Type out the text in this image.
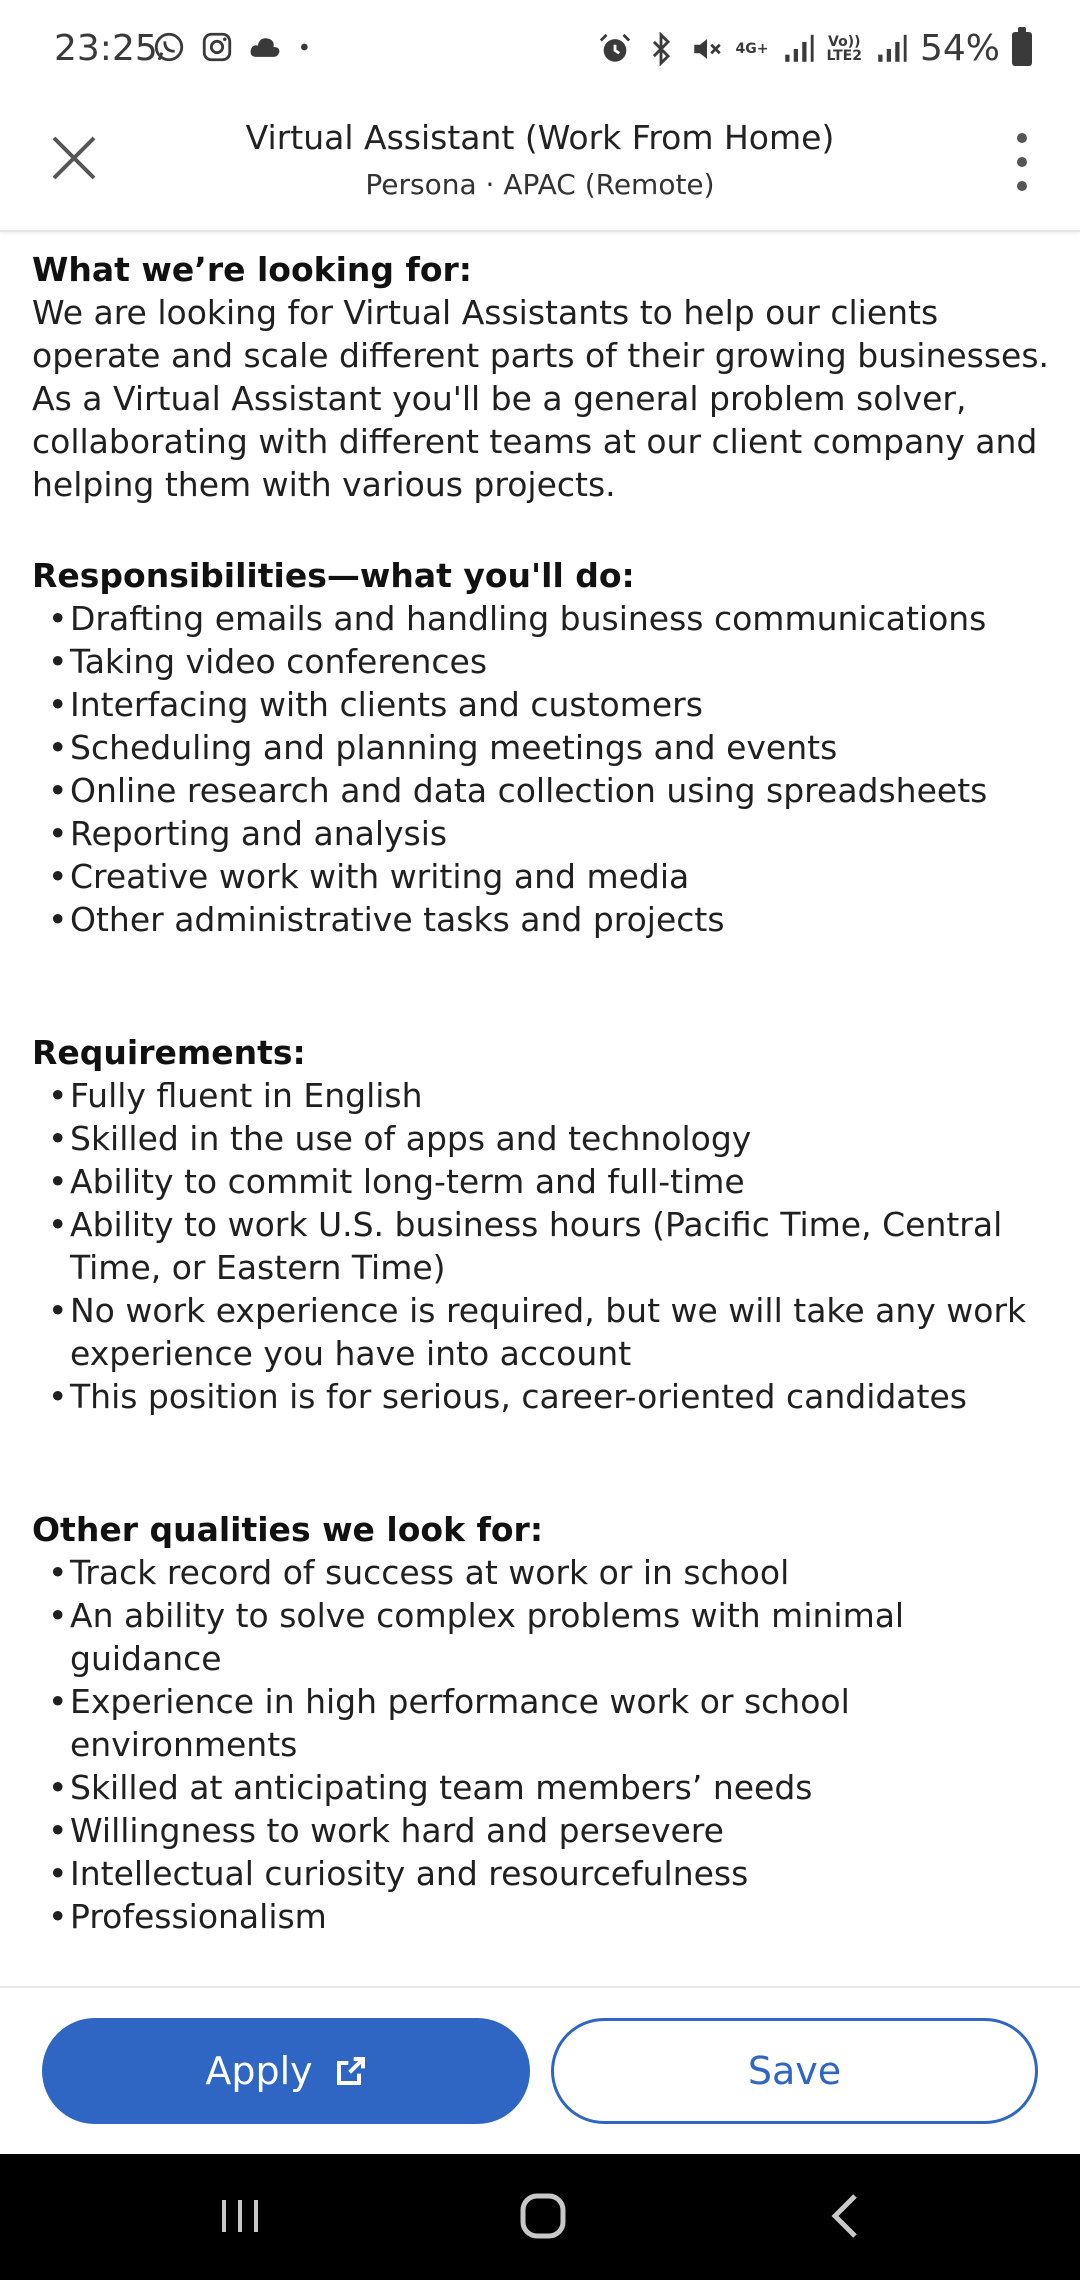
23:25	4G+	Vo))
LTE2 54%
Virtual Assistant (Work From Home)
Persona · APAC (Remote)
What we’re looking for:
We are looking for Virtual Assistants to help our clients operate and scale different parts of their growing businesses. As a Virtual Assistant you'll be a general problem solver, collaborating with different teams at our client company and helping them with various projects.
Responsibilities—what you'll do:
• Drafting emails and handling business communications
• Taking video conferences
• Interfacing with clients and customers
• Scheduling and planning meetings and events
• Online research and data collection using spreadsheets
• Reporting and analysis
• Creative work with writing and media
• Other administrative tasks and projects
Requirements:
• Fully fluent in English
• Skilled in the use of apps and technology
• Ability to commit long-term and full-time
• Ability to work U.S. business hours (Pacific Time, Central Time, or Eastern Time)
• No work experience is required, but we will take any work experience you have into account
• This position is for serious, career-oriented candidates
Other qualities we look for:
• Track record of success at work or in school
• An ability to solve complex problems with minimal guidance
• Experience in high performance work or school environments
• Skilled at anticipating team members’ needs
• Willingness to work hard and persevere
• Intellectual curiosity and resourcefulness
• Professionalism
Apply	Save
